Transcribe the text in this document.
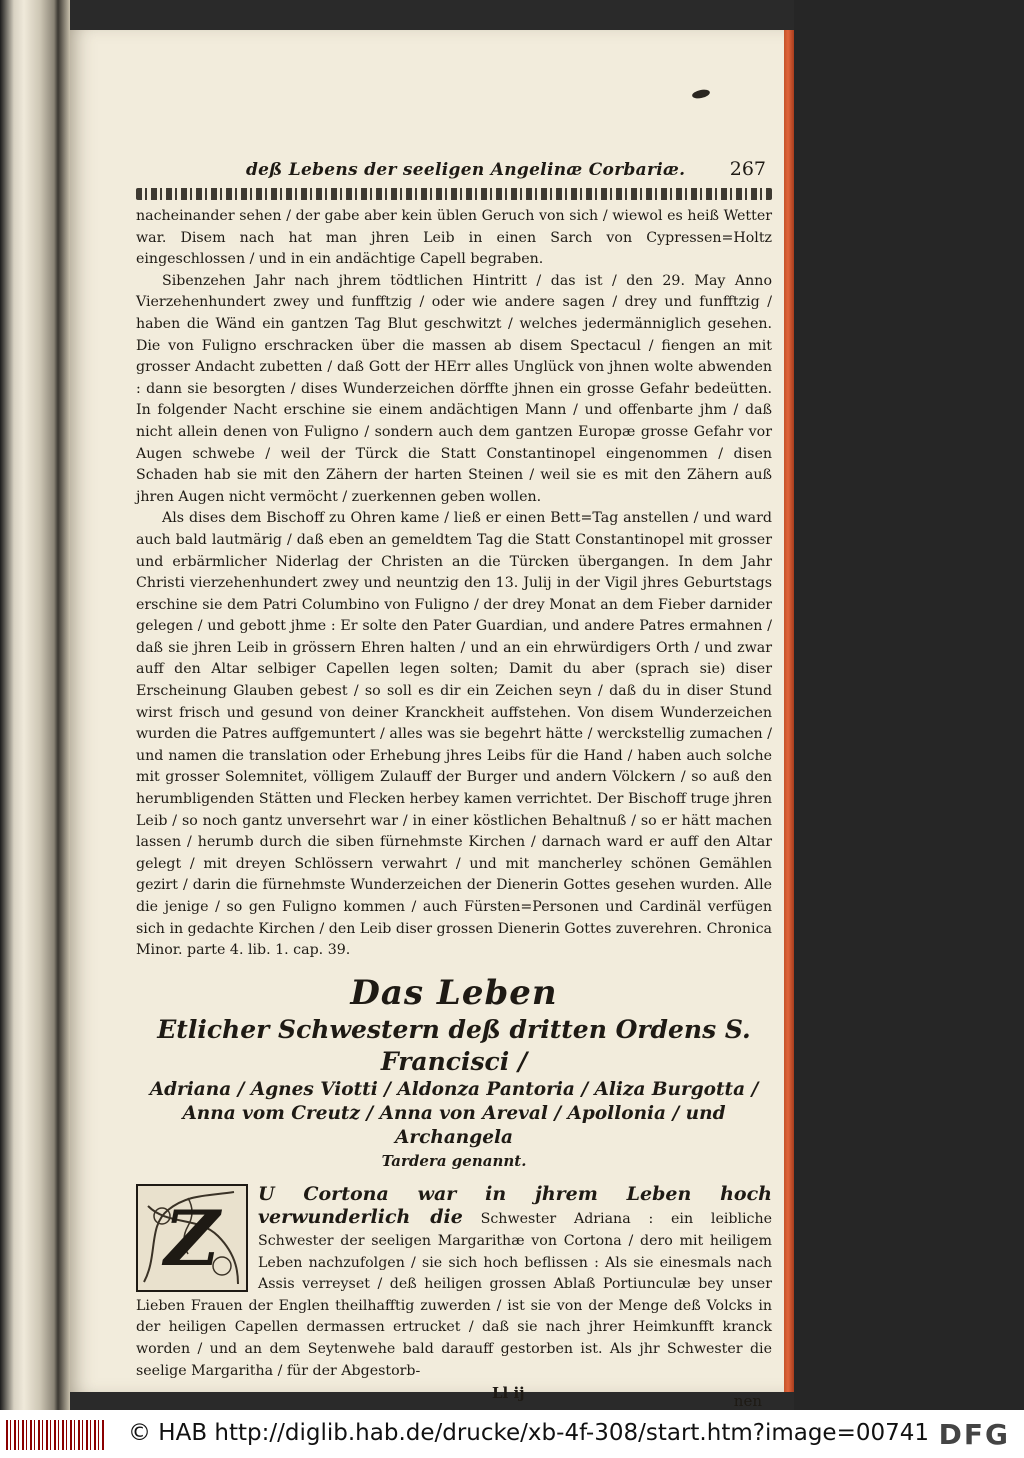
deß Lebens der seeligen Angelinæ Corbariæ. 267

nacheinander sehen / der gabe aber kein üblen Geruch von sich / wiewol es heiß Wetter war. Disem nach hat man jhren Leib in einen Sarch von Cypressen=Holtz eingeschlossen / und in ein andächtige Capell begraben.

Sibenzehen Jahr nach jhrem tödtlichen Hintritt / das ist / den 29. May Anno Vierzehenhundert zwey und funfftzig / oder wie andere sagen / drey und funfftzig / haben die Wänd ein gantzen Tag Blut geschwitzt / welches jedermänniglich gesehen. Die von Fuligno erschracken über die massen ab disem Spectacul / fiengen an mit grosser Andacht zubetten / daß Gott der HErr alles Unglück von jhnen wolte abwenden : dann sie besorgten / dises Wunderzeichen dörffte jhnen ein grosse Gefahr bedeütten. In folgender Nacht erschine sie einem andächtigen Mann / und offenbarte jhm / daß nicht allein denen von Fuligno / sondern auch dem gantzen Europæ grosse Gefahr vor Augen schwebe / weil der Türck die Statt Constantinopel eingenommen / disen Schaden hab sie mit den Zähern der harten Steinen / weil sie es mit den Zähern auß jhren Augen nicht vermöcht / zuerkennen geben wollen.

Als dises dem Bischoff zu Ohren kame / ließ er einen Bett=Tag anstellen / und ward auch bald lautmärig / daß eben an gemeldtem Tag die Statt Constantinopel mit grosser und erbärmlicher Niderlag der Christen an die Türcken übergangen. In dem Jahr Christi vierzehenhundert zwey und neuntzig den 13. Julij in der Vigil jhres Geburtstags erschine sie dem Patri Columbino von Fuligno / der drey Monat an dem Fieber darnider gelegen / und gebott jhme : Er solte den Pater Guardian, und andere Patres ermahnen / daß sie jhren Leib in grössern Ehren halten / und an ein ehrwürdigers Orth / und zwar auff den Altar selbiger Capellen legen solten; Damit du aber (sprach sie) diser Erscheinung Glauben gebest / so soll es dir ein Zeichen seyn / daß du in diser Stund wirst frisch und gesund von deiner Kranckheit auffstehen. Von disem Wunderzeichen wurden die Patres auffgemuntert / alles was sie begehrt hätte / werckstellig zumachen / und namen die translation oder Erhebung jhres Leibs für die Hand / haben auch solche mit grosser Solemnitet, völligem Zulauff der Burger und andern Völckern / so auß den herumbligenden Stätten und Flecken herbey kamen verrichtet. Der Bischoff truge jhren Leib / so noch gantz unversehrt war / in einer köstlichen Behaltnuß / so er hätt machen lassen / herumb durch die siben fürnehmste Kirchen / darnach ward er auff den Altar gelegt / mit dreyen Schlössern verwahrt / und mit mancherley schönen Gemählen gezirt / darin die fürnehmste Wunderzeichen der Dienerin Gottes gesehen wurden. Alle die jenige / so gen Fuligno kommen / auch Fürsten=Personen und Cardinäl verfügen sich in gedachte Kirchen / den Leib diser grossen Dienerin Gottes zuverehren. Chronica Minor. parte 4. lib. 1. cap. 39.

Das Leben
Etlicher Schwestern deß dritten Ordens S. Francisci /
Adriana / Agnes Viotti / Aldonza Pantoria / Aliza Burgotta / Anna vom Creutz / Anna von Areval / Apollonia / und Archangela
Tardera genannt.
Z	U Cortona war in jhrem Leben hoch verwunderlich die Schwester Adriana : ein leibliche Schwester der seeligen Margarithæ von Cortona / dero mit heiligem Leben nachzufolgen / sie sich hoch beflissen : Als sie einesmals nach Assis verreyset / deß heiligen grossen Ablaß Portiunculæ bey unser Lieben Frauen der Englen theilhafftig zuwerden / ist sie von der Menge deß Volcks in der heiligen Capellen dermassen ertrucket / daß sie nach jhrer Heimkunfft kranck worden / und an dem Seytenwehe bald darauff gestorben ist. Als jhr Schwester die seelige Margaritha / für der Abgestorb-
Ll ij	nen
© HAB http://diglib.hab.de/drucke/xb-4f-308/start.htm?image=00741 DFG
